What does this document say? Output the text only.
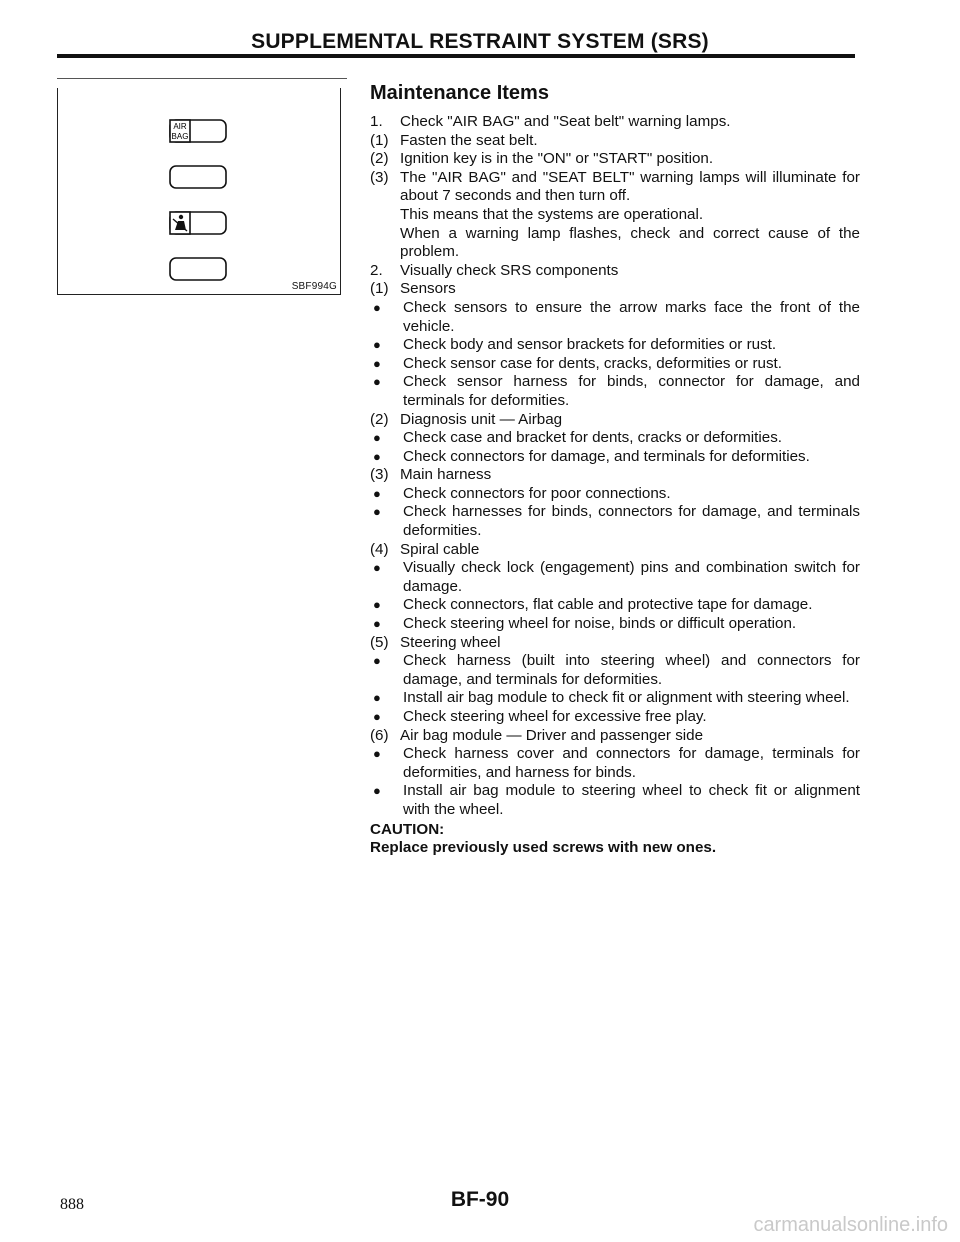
SUPPLEMENTAL RESTRAINT SYSTEM (SRS)
AIR
BAG
SBF994G
Maintenance Items
1.	Check "AIR BAG" and "Seat belt" warning lamps.
(1) Fasten the seat belt.
(2) Ignition key is in the "ON" or "START" position.
(3) The "AIR BAG" and "SEAT BELT" warning lamps will illuminate for about 7 seconds and then turn off.
This means that the systems are operational.
When a warning lamp flashes, check and correct cause of the problem.
2.	Visually check SRS components
(1) Sensors
●	Check sensors to ensure the arrow marks face the front of the vehicle.
●	Check body and sensor brackets for deformities or rust.
●	Check sensor case for dents, cracks, deformities or rust.
●	Check sensor harness for binds, connector for damage, and terminals for deformities.
(2) Diagnosis unit — Airbag
●	Check case and bracket for dents, cracks or deformities.
●	Check connectors for damage, and terminals for deformities.
(3) Main harness
●	Check connectors for poor connections.
●	Check harnesses for binds, connectors for damage, and terminals deformities.
(4) Spiral cable
●	Visually check lock (engagement) pins and combination switch for damage.
●	Check connectors, flat cable and protective tape for damage.
●	Check steering wheel for noise, binds or difficult operation.
(5) Steering wheel
●	Check harness (built into steering wheel) and connectors for damage, and terminals for deformities.
●	Install air bag module to check fit or alignment with steering wheel.
●	Check steering wheel for excessive free play.
(6) Air bag module — Driver and passenger side
●	Check harness cover and connectors for damage, terminals for deformities, and harness for binds.
●	Install air bag module to steering wheel to check fit or alignment with the wheel.
CAUTION:
Replace previously used screws with new ones.
888	BF-90
carmanualsonline.info
